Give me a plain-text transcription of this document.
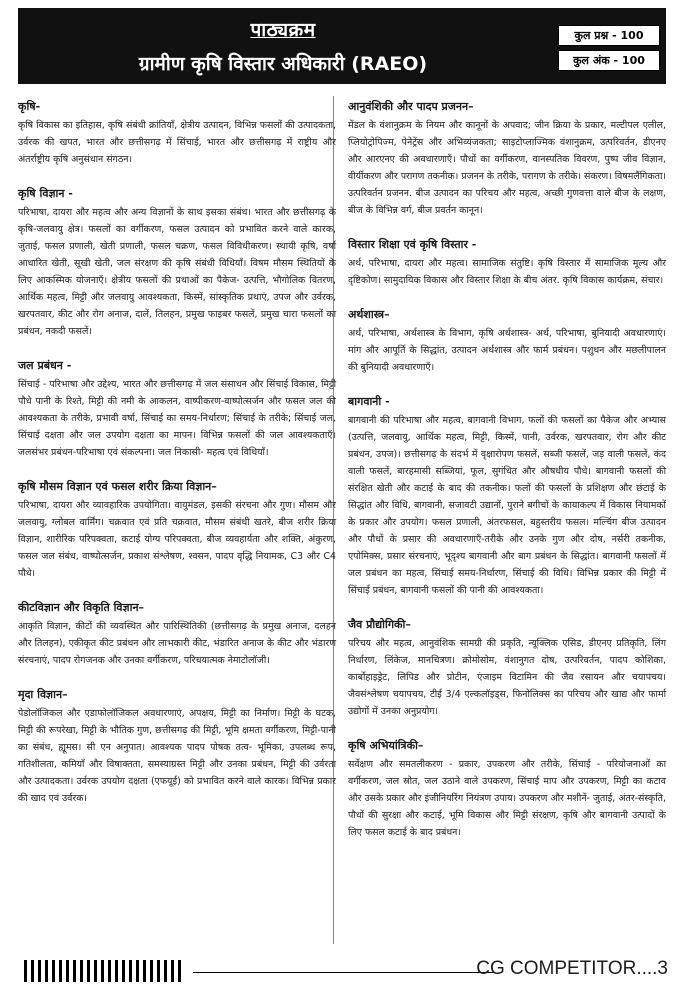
पाठ्यक्रम
ग्रामीण कृषि विस्तार अधिकारी (RAEO)
कुल प्रश्न - 100
कुल अंक - 100
कृषि-

कृषि विकास का इतिहास, कृषि संबंधी क्रांतियाँ, क्षेत्रीय उत्पादन, विभिन्न फसलों की उत्पादकता, उर्वरक की खपत, भारत और छत्तीसगढ़ में सिंचाई, भारत और छत्तीसगढ़ में राष्ट्रीय और अंतर्राष्ट्रीय कृषि अनुसंधान संगठन।

कृषि विज्ञान -

परिभाषा, दायरा और महत्व और अन्य विज्ञानों के साथ इसका संबंध। भारत और छत्तीसगढ़ के कृषि-जलवायु क्षेत्र। फसलों का वर्गीकरण, फसल उत्पादन को प्रभावित करने वाले कारक, जुताई, फसल प्रणाली, खेती प्रणाली, फसल चक्रण, फसल विविधीकरण। स्थायी कृषि, वर्षा आधारित खेती, सूखी खेती, जल संरक्षण की कृषि संबंधी विधियाँ। विषम मौसम स्थितियों के लिए आकस्मिक योजनाएँ। क्षेत्रीय फसलों की प्रथाओं का पैकेज- उत्पत्ति, भौगोलिक वितरण, आर्थिक महत्व, मिट्टी और जलवायु आवश्यकता, किस्में, सांस्कृतिक प्रथाएं, उपज और उर्वरक, खरपतवार, कीट और रोग अनाज, दालें, तिलहन, प्रमुख फाइबर फसलें, प्रमुख चारा फसलों का प्रबंधन, नकदी फसलें।

जल प्रबंधन -

सिंचाई - परिभाषा और उद्देश्य, भारत और छत्तीसगढ़ में जल संसाधन और सिंचाई विकास, मिट्टी पौधे पानी के रिश्ते, मिट्टी की नमी के आकलन, वाष्पीकरण-वाष्पोत्सर्जन और फसल जल की आवश्यकता के तरीके, प्रभावी वर्षा, सिंचाई का समय-निर्धारण; सिंचाई के तरीके; सिंचाई जल, सिंचाई दक्षता और जल उपयोग दक्षता का मापन। विभिन्न फसलों की जल आवश्यकताएँ। जलसंभर प्रबंधन-परिभाषा एवं संकल्पना। जल निकासी- महत्व एवं विधियाँ।

कृषि मौसम विज्ञान एवं फसल शरीर क्रिया विज्ञान–

परिभाषा, दायरा और व्यावहारिक उपयोगिता। वायुमंडल, इसकी संरचना और गुण। मौसम और जलवायु, ग्लोबल वार्मिंग। चक्रवात एवं प्रति चक्रवात, मौसम संबंधी खतरे, बीज शरीर क्रिया विज्ञान, शारीरिक परिपक्वता, कटाई योग्य परिपक्वता, बीज व्यवहार्यता और शक्ति, अंकुरण, फसल जल संबंध, वाष्पोत्सर्जन, प्रकाश संश्लेषण, श्वसन, पादप वृद्धि नियामक, C3 और C4 पौधे।

कीटविज्ञान और विकृति विज्ञान–

आकृति विज्ञान, कीटों की व्यवस्थित और पारिस्थितिकी (छत्तीसगढ़ के प्रमुख अनाज, दलहन और तिलहन), एकीकृत कीट प्रबंधन और लाभकारी कीट, भंडारित अनाज के कीट और भंडारण संरचनाएं, पादप रोगजनक और उनका वर्गीकरण, परिचयात्मक नेमाटोलॉजी।

मृदा विज्ञान–

पेडोलॉजिकल और एडाफोलॉजिकल अवधारणाएं, अपक्षय, मिट्टी का निर्माण। मिट्टी के घटक, मिट्टी की रूपरेखा, मिट्टी के भौतिक गुण, छत्तीसगढ़ की मिट्टी, भूमि क्षमता वर्गीकरण, मिट्टी-पानी का संबंध, ह्यूमस। सी एन अनुपात। आवश्यक पादप पोषक तत्व- भूमिका, उपलब्ध रूप, गतिशीलता, कमियाँ और विषाक्तता, समस्याग्रस्त मिट्टी और उनका प्रबंधन, मिट्टी की उर्वरता और उत्पादकता। उर्वरक उपयोग दक्षता (एफयूई) को प्रभावित करने वाले कारक। विभिन्न प्रकार की खाद एवं उर्वरक।

आनुवंशिकी और पादप प्रजनन–

मेंडल के वंशानुक्रम के नियम और कानूनों के अपवाद; जीन क्रिया के प्रकार, मल्टीपल एलील, प्लियोट्रोपिज्म, पेनेट्रेंस और अभिव्यंजकता; साइटोप्लाज्मिक वंशानुक्रम, उत्परिवर्तन, डीएनए और आरएनए की अवधारणाएँ। पौधों का वर्गीकरण, वानस्पतिक विवरण, पुष्प जीव विज्ञान, वीर्यीकरण और परागण तकनीक। प्रजनन के तरीके, परागण के तरीके। संकरण। विषमलैंगिकता। उत्परिवर्तन प्रजनन. बीज उत्पादन का परिचय और महत्व, अच्छी गुणवत्ता वाले बीज के लक्षण, बीज के विभिन्न वर्ग, बीज प्रवर्तन कानून।

विस्तार शिक्षा एवं कृषि विस्तार -

अर्थ, परिभाषा, दायरा और महत्व। सामाजिक संतुष्टि। कृषि विस्तार में सामाजिक मूल्य और दृष्टिकोण। सामुदायिक विकास और विस्तार शिक्षा के बीच अंतर. कृषि विकास कार्यक्रम, संचार।

अर्थशास्त्र–

अर्थ, परिभाषा, अर्थशास्त्र के विभाग, कृषि अर्थशास्त्र- अर्थ, परिभाषा, बुनियादी अवधारणाएं। मांग और आपूर्ति के सिद्धांत, उत्पादन अर्थशास्त्र और फार्म प्रबंधन। पशुधन और मछलीपालन की बुनियादी अवधारणाएँ।

बागवानी -

बागवानी की परिभाषा और महत्व, बागवानी विभाग, फलों की फसलों का पैकेज और अभ्यास (उत्पत्ति, जलवायु, आर्थिक महत्व, मिट्टी, किस्में, पानी, उर्वरक, खरपतवार, रोग और कीट प्रबंधन, उपज)। छत्तीसगढ़ के संदर्भ में वृक्षारोपण फसलें, सब्जी फसलें, जड़ वाली फसलें, कंद वाली फसलें, बारहमासी सब्जियां, फूल, सुगंधित और औषधीय पौधे। बागवानी फसलों की संरक्षित खेती और कटाई के बाद की तकनीक। फलों की फसलों के प्रशिक्षण और छंटाई के सिद्धांत और विधि, बागवानी, सजावटी उद्यानों, पुराने बगीचों के कायाकल्प में विकास नियामकों के प्रकार और उपयोग। फसल प्रणाली, अंतरफसल, बहुस्तरीय फसल। मल्चिंग बीज उत्पादन और पौधों के प्रसार की अवधारणाएँ-तरीके और उनके गुण और दोष, नर्सरी तकनीक, एपोमिक्स, प्रसार संरचनाएं, भूदृश्य बागवानी और बाग प्रबंधन के सिद्धांत। बागवानी फसलों में जल प्रबंधन का महत्व, सिंचाई समय-निर्धारण, सिंचाई की विधि। विभिन्न प्रकार की मिट्टी में सिंचाई प्रबंधन, बागवानी फसलों की पानी की आवश्यकता।

जैव प्रौद्योगिकी–

परिचय और महत्व, आनुवंशिक सामग्री की प्रकृति, न्यूक्लिक एसिड, डीएनए प्रतिकृति, लिंग निर्धारण, लिंकेज, मानचित्रण। क्रोमोसोम, वंशानुगत दोष, उत्परिवर्तन, पादप कोशिका, कार्बोहाइड्रेट, लिपिड और प्रोटीन, एंजाइम विटामिन की जैव रसायन और चयापचय। जैवसंश्लेषण चयापचय, टीई 3/4 एल्कलॉइड्स, फिनोलिक्स का परिचय और खाद्य और फार्मा उद्योगों में उनका अनुप्रयोग।

कृषि अभियांत्रिकी–

सर्वेक्षण और समतलीकरण - प्रकार, उपकरण और तरीके, सिंचाई - परियोजनाओं का वर्गीकरण, जल स्रोत, जल उठाने वाले उपकरण, सिंचाई माप और उपकरण, मिट्टी का कटाव और उसके प्रकार और इंजीनियरिंग नियंत्रण उपाय। उपकरण और मशीनें- जुताई, अंतर-संस्कृति, पौधों की सुरक्षा और कटाई, भूमि विकास और मिट्टी संरक्षण, कृषि और बागवानी उत्पादों के लिए फसल कटाई के बाद प्रबंधन।

CG COMPETITOR....3
